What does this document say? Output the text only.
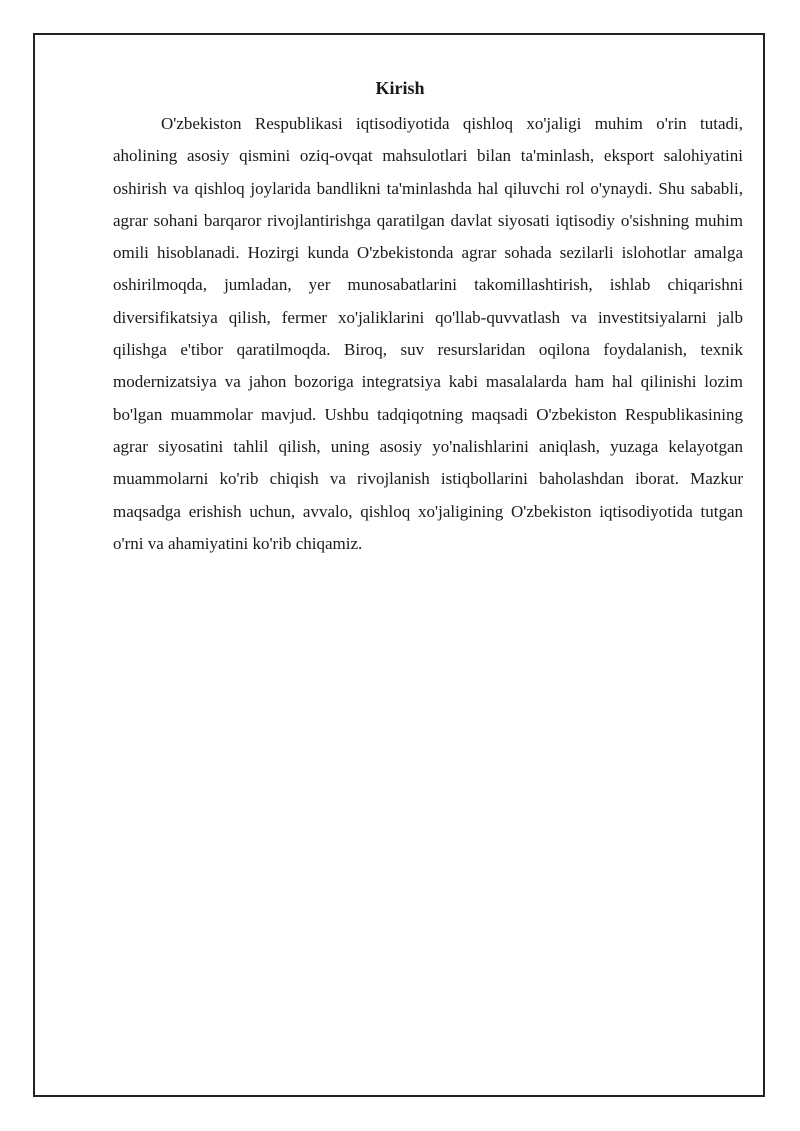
Kirish

O'zbekiston Respublikasi iqtisodiyotida qishloq xo'jaligi muhim o'rin tutadi, aholining asosiy qismini oziq-ovqat mahsulotlari bilan ta'minlash, eksport salohiyatini oshirish va qishloq joylarida bandlikni ta'minlashda hal qiluvchi rol o'ynaydi. Shu sababli, agrar sohani barqaror rivojlantirishga qaratilgan davlat siyosati iqtisodiy o'sishning muhim omili hisoblanadi. Hozirgi kunda O'zbekistonda agrar sohada sezilarli islohotlar amalga oshirilmoqda, jumladan, yer munosabatlarini takomillashtirish, ishlab chiqarishni diversifikatsiya qilish, fermer xo'jaliklarini qo'llab-quvvatlash va investitsiyalarni jalb qilishga e'tibor qaratilmoqda. Biroq, suv resurslaridan oqilona foydalanish, texnik modernizatsiya va jahon bozoriga integratsiya kabi masalalarda ham hal qilinishi lozim bo'lgan muammolar mavjud. Ushbu tadqiqotning maqsadi O'zbekiston Respublikasining agrar siyosatini tahlil qilish, uning asosiy yo'nalishlarini aniqlash, yuzaga kelayotgan muammolarni ko'rib chiqish va rivojlanish istiqbollarini baholashdan iborat. Mazkur maqsadga erishish uchun, avvalo, qishloq xo'jaligining O'zbekiston iqtisodiyotida tutgan o'rni va ahamiyatini ko'rib chiqamiz.
